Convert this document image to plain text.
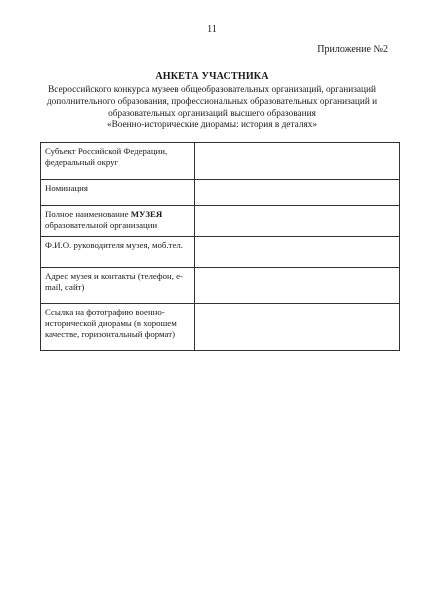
11
Приложение №2
АНКЕТА УЧАСТНИКА
Всероссийского конкурса музеев общеобразовательных организаций, организаций
дополнительного образования, профессиональных образовательных организаций и
образовательных организаций высшего образования
«Военно-исторические диорамы: история в деталях»
Субъект Российской Федерации, федеральный округ	
Номинация	
Полное наименование МУЗЕЯ образовательной организации	
Ф.И.О. руководителя музея, моб.тел.	
Адрес музея и контакты (телефон, e-mail, сайт)	
Ссылка на фотографию военно-исторической диорамы (в хорошем качестве, горизонтальный формат)	
